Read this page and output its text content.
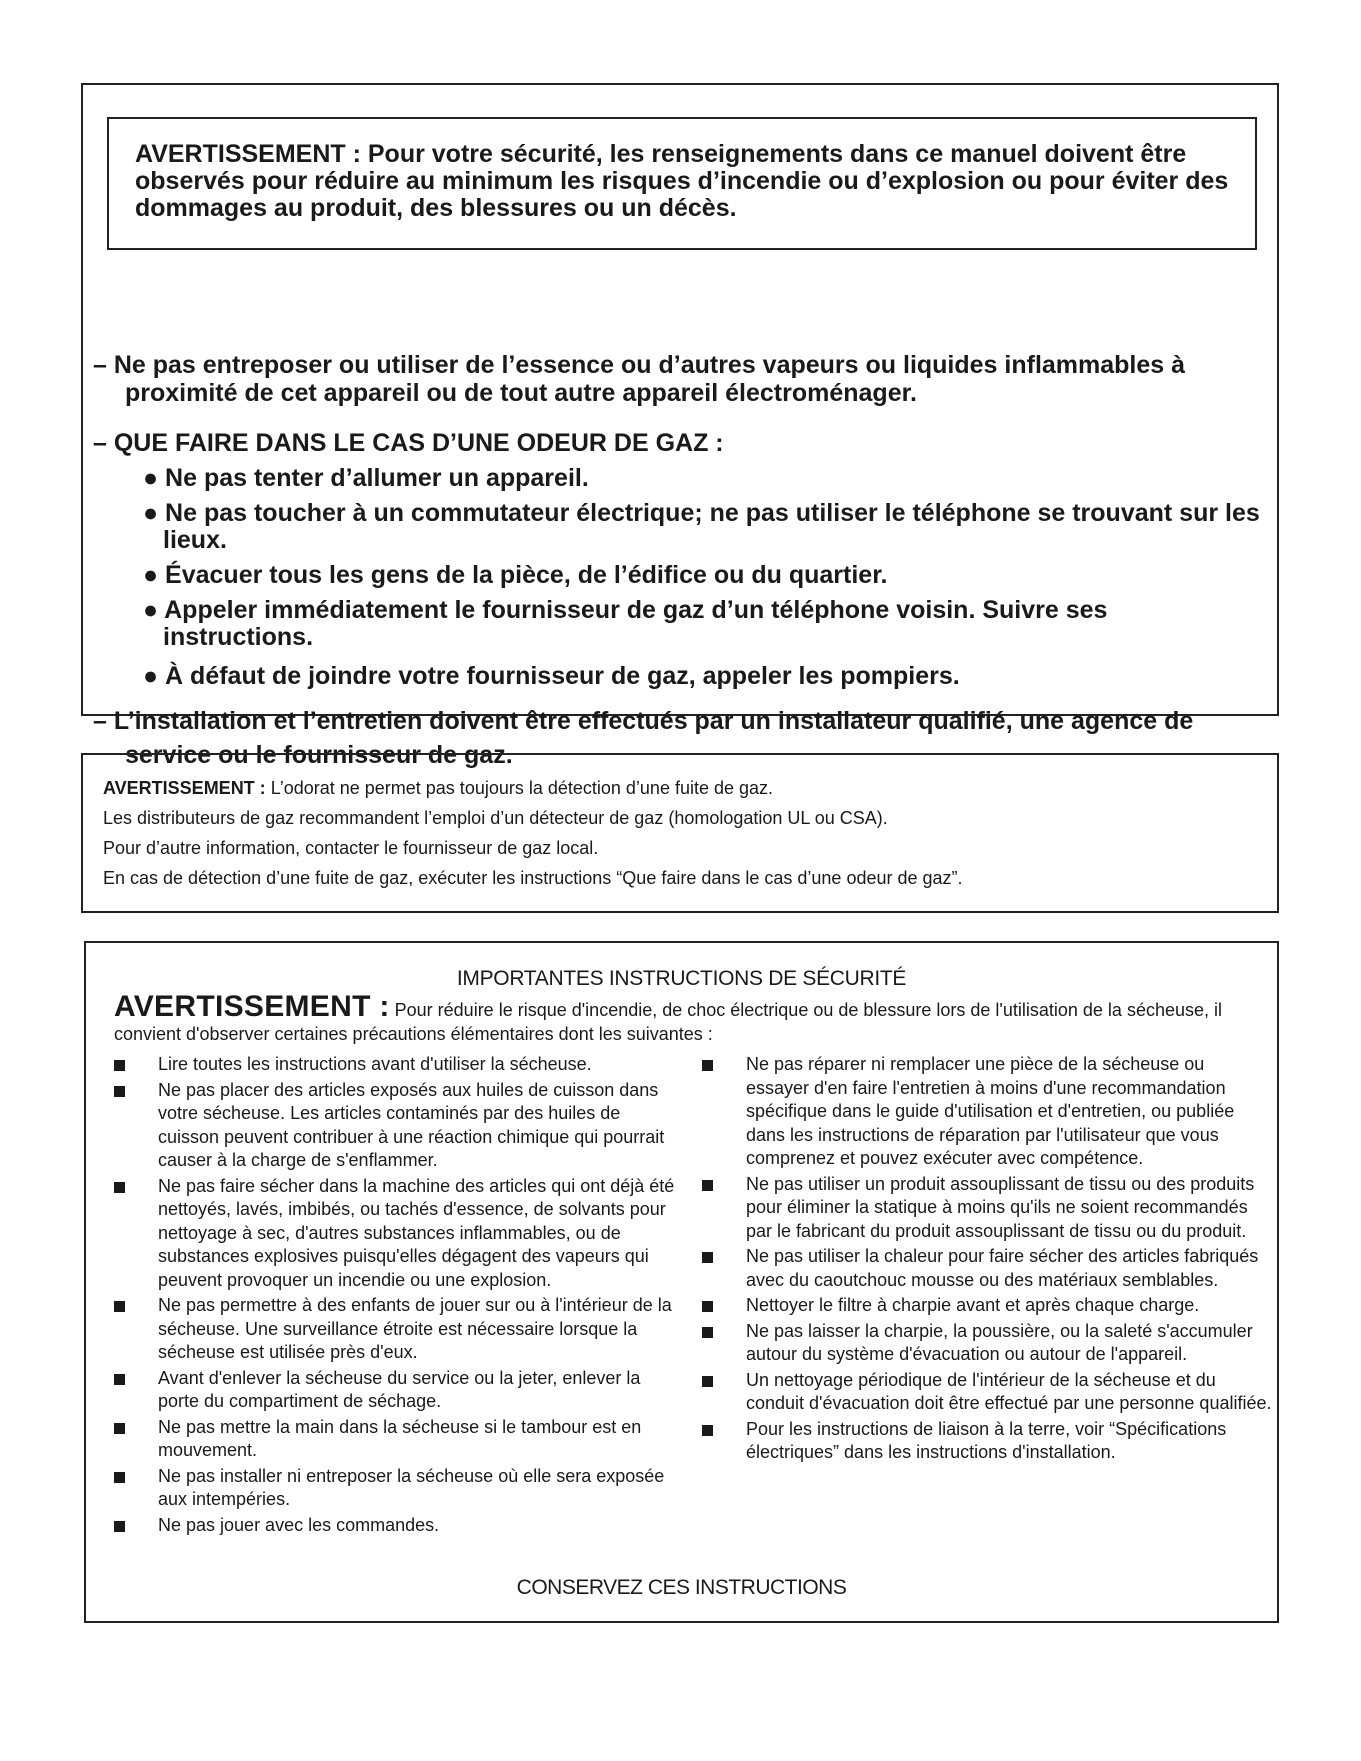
AVERTISSEMENT : Pour votre sécurité, les renseignements dans ce manuel doivent être observés pour réduire au minimum les risques d’incendie ou d’explosion ou pour éviter des dommages au produit, des blessures ou un décès.

– Ne pas entreposer ou utiliser de l’essence ou d’autres vapeurs ou liquides inflammables à proximité de cet appareil ou de tout autre appareil électroménager.

– QUE FAIRE DANS LE CAS D’UNE ODEUR DE GAZ :

● Ne pas tenter d’allumer un appareil.

● Ne pas toucher à un commutateur électrique; ne pas utiliser le téléphone se trouvant sur les lieux.

● Évacuer tous les gens de la pièce, de l’édifice ou du quartier.

● Appeler immédiatement le fournisseur de gaz d’un téléphone voisin. Suivre ses instructions.

● À défaut de joindre votre fournisseur de gaz, appeler les pompiers.

– L’installation et l’entretien doivent être effectués par un installateur qualifié, une agence de service ou le fournisseur de gaz.

AVERTISSEMENT : L’odorat ne permet pas toujours la détection d’une fuite de gaz.

Les distributeurs de gaz recommandent l’emploi d’un détecteur de gaz (homologation UL ou CSA).

Pour d’autre information, contacter le fournisseur de gaz local.

En cas de détection d’une fuite de gaz, exécuter les instructions “Que faire dans le cas d’une odeur de gaz”.

IMPORTANTES INSTRUCTIONS DE SÉCURITÉ

AVERTISSEMENT : Pour réduire le risque d'incendie, de choc électrique ou de blessure lors de l'utilisation de la sécheuse, il convient d'observer certaines précautions élémentaires dont les suivantes :

Lire toutes les instructions avant d'utiliser la sécheuse.
Ne pas placer des articles exposés aux huiles de cuisson dans votre sécheuse. Les articles contaminés par des huiles de cuisson peuvent contribuer à une réaction chimique qui pourrait causer à la charge de s'enflammer.
Ne pas faire sécher dans la machine des articles qui ont déjà été nettoyés, lavés, imbibés, ou tachés d'essence, de solvants pour nettoyage à sec, d'autres substances inflammables, ou de substances explosives puisqu'elles dégagent des vapeurs qui peuvent provoquer un incendie ou une explosion.
Ne pas permettre à des enfants de jouer sur ou à l'intérieur de la sécheuse. Une surveillance étroite est nécessaire lorsque la sécheuse est utilisée près d'eux.
Avant d'enlever la sécheuse du service ou la jeter, enlever la porte du compartiment de séchage.
Ne pas mettre la main dans la sécheuse si le tambour est en mouvement.
Ne pas installer ni entreposer la sécheuse où elle sera exposée aux intempéries.
Ne pas jouer avec les commandes.
Ne pas réparer ni remplacer une pièce de la sécheuse ou essayer d'en faire l'entretien à moins d'une recommandation spécifique dans le guide d'utilisation et d'entretien, ou publiée dans les instructions de réparation par l'utilisateur que vous comprenez et pouvez exécuter avec compétence.
Ne pas utiliser un produit assouplissant de tissu ou des produits pour éliminer la statique à moins qu'ils ne soient recommandés par le fabricant du produit assouplissant de tissu ou du produit.
Ne pas utiliser la chaleur pour faire sécher des articles fabriqués avec du caoutchouc mousse ou des matériaux semblables.
Nettoyer le filtre à charpie avant et après chaque charge.
Ne pas laisser la charpie, la poussière, ou la saleté s'accumuler autour du système d'évacuation ou autour de l'appareil.
Un nettoyage périodique de l'intérieur de la sécheuse et du conduit d'évacuation doit être effectué par une personne qualifiée.
Pour les instructions de liaison à la terre, voir “Spécifications électriques” dans les instructions d'installation.

CONSERVEZ CES INSTRUCTIONS
